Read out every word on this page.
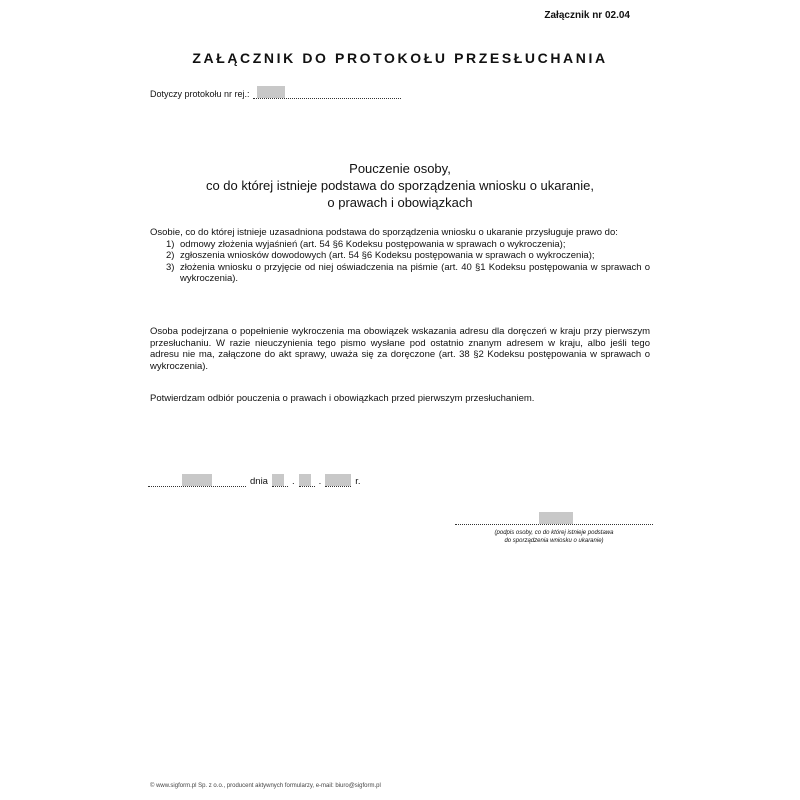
Załącznik nr 02.04
ZAŁĄCZNIK DO PROTOKOŁU PRZESŁUCHANIA
Dotyczy protokołu nr rej.:
Pouczenie osoby,
co do której istnieje podstawa do sporządzenia wniosku o ukaranie,
o prawach i obowiązkach
Osobie, co do której istnieje uzasadniona podstawa do sporządzenia wniosku o ukaranie przysługuje prawo do:
1) odmowy złożenia wyjaśnień (art. 54 §6 Kodeksu postępowania w sprawach o wykroczenia);
2) zgłoszenia wniosków dowodowych (art. 54 §6 Kodeksu postępowania w sprawach o wykroczenia);
3) złożenia wniosku o przyjęcie od niej oświadczenia na piśmie (art. 40 §1 Kodeksu postępowania w sprawach o wykroczenia).
Osoba podejrzana o popełnienie wykroczenia ma obowiązek wskazania adresu dla doręczeń w kraju przy pierwszym przesłuchaniu. W razie nieuczynienia tego pismo wysłane pod ostatnio znanym adresem w kraju, albo jeśli tego adresu nie ma, załączone do akt sprawy, uważa się za doręczone (art. 38 §2 Kodeksu postępowania w sprawach o wykroczenia).
Potwierdzam odbiór pouczenia o prawach i obowiązkach przed pierwszym przesłuchaniem.
dnia	.	.	r.
(podpis osoby, co do której istnieje podstawa
do sporządzenia wniosku o ukaranie)
© www.sigform.pl Sp. z o.o., producent aktywnych formularzy, e-mail: biuro@sigform.pl
